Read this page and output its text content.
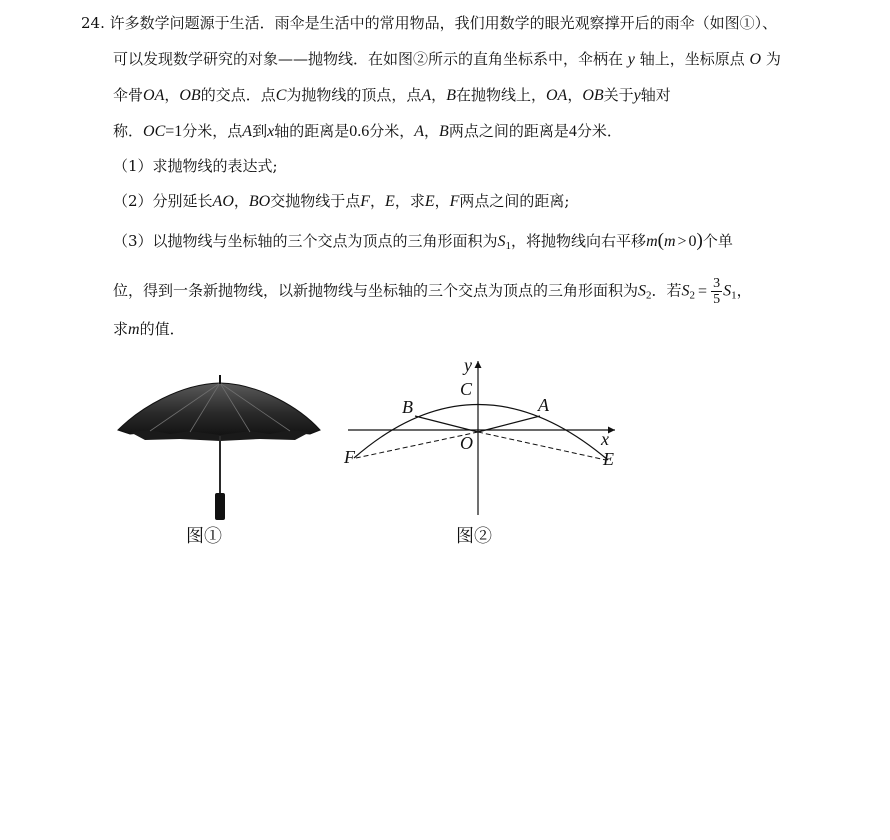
24. 许多数学问题源于生活．雨伞是生活中的常用物品，我们用数学的眼光观察撑开后的雨伞（如图①）、
可以发现数学研究的对象——抛物线．在如图②所示的直角坐标系中，伞柄在 y 轴上，坐标原点 O 为
伞骨OA，OB的交点．点C为抛物线的顶点，点A，B在抛物线上，OA，OB关于y轴对
称．OC=1分米，点A到x轴的距离是0.6分米，A，B两点之间的距离是4分米．
（1）求抛物线的表达式;
（2）分别延长AO，BO交抛物线于点F，E，求E，F两点之间的距离;
（3）以抛物线与坐标轴的三个交点为顶点的三角形面积为$S_1$，将抛物线向右平移m(m > 0)个单
位，得到一条新抛物线，以新抛物线与坐标轴的三个交点为顶点的三角形面积为$S_2$．若$S_2 = \frac{3}{5} S_1$，
求m的值．
图①
y
C
B	A
x
O
F	E
图②
